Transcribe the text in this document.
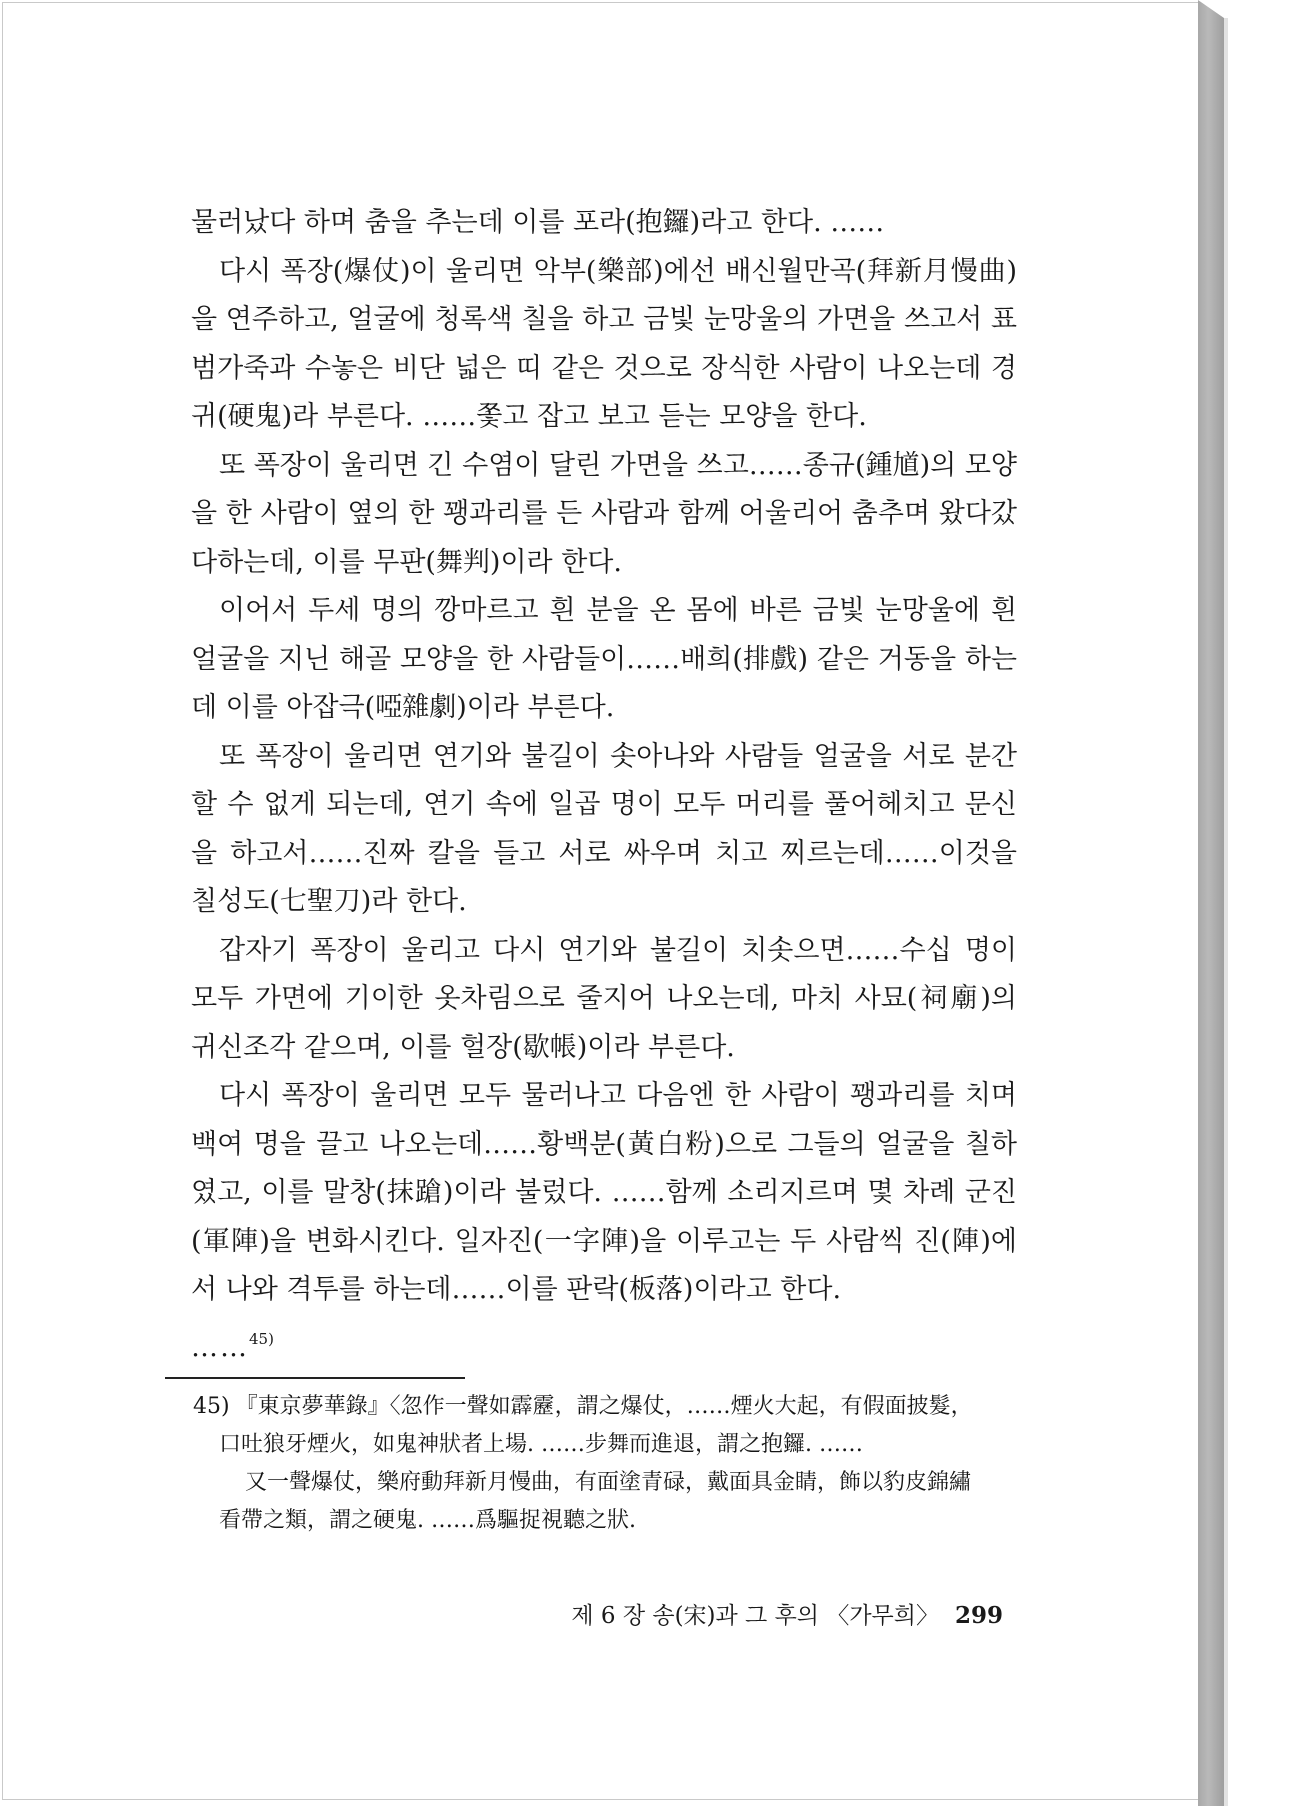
물러났다 하며 춤을 추는데 이를 포라(抱鑼)라고 한다. ……

다시 폭장(爆仗)이 울리면 악부(樂部)에선 배신월만곡(拜新月慢曲)을 연주하고, 얼굴에 청록색 칠을 하고 금빛 눈망울의 가면을 쓰고서 표범가죽과 수놓은 비단 넓은 띠 같은 것으로 장식한 사람이 나오는데 경귀(硬鬼)라 부른다. ……쫓고 잡고 보고 듣는 모양을 한다.

또 폭장이 울리면 긴 수염이 달린 가면을 쓰고……종규(鍾馗)의 모양을 한 사람이 옆의 한 꽹과리를 든 사람과 함께 어울리어 춤추며 왔다갔다하는데, 이를 무판(舞判)이라 한다.

이어서 두세 명의 깡마르고 흰 분을 온 몸에 바른 금빛 눈망울에 흰 얼굴을 지닌 해골 모양을 한 사람들이……배희(排戲) 같은 거동을 하는데 이를 아잡극(啞雜劇)이라 부른다.

또 폭장이 울리면 연기와 불길이 솟아나와 사람들 얼굴을 서로 분간할 수 없게 되는데, 연기 속에 일곱 명이 모두 머리를 풀어헤치고 문신을 하고서……진짜 칼을 들고 서로 싸우며 치고 찌르는데……이것을 칠성도(七聖刀)라 한다.

갑자기 폭장이 울리고 다시 연기와 불길이 치솟으면……수십 명이 모두 가면에 기이한 옷차림으로 줄지어 나오는데, 마치 사묘(祠廟)의 귀신조각 같으며, 이를 헐장(歇帳)이라 부른다.

다시 폭장이 울리면 모두 물러나고 다음엔 한 사람이 꽹과리를 치며 백여 명을 끌고 나오는데……황백분(黃白粉)으로 그들의 얼굴을 칠하였고, 이를 말창(抹蹌)이라 불렀다. ……함께 소리지르며 몇 차례 군진(軍陣)을 변화시킨다. 일자진(一字陣)을 이루고는 두 사람씩 진(陣)에서 나와 격투를 하는데……이를 판락(板落)이라고 한다.

……$^{45)}$

45) 『東京夢華錄』〈忽作一聲如霹靂，謂之爆仗，……煙火大起，有假面披髮，

口吐狼牙煙火，如鬼神狀者上場. ……步舞而進退，謂之抱鑼. ……

又一聲爆仗，樂府動拜新月慢曲，有面塗青碌，戴面具金睛，飾以豹皮錦繡

看帶之類，謂之硬鬼. ……爲驅捉視聽之狀.

제 6 장 송(宋)과 그 후의 〈가무희〉 299
